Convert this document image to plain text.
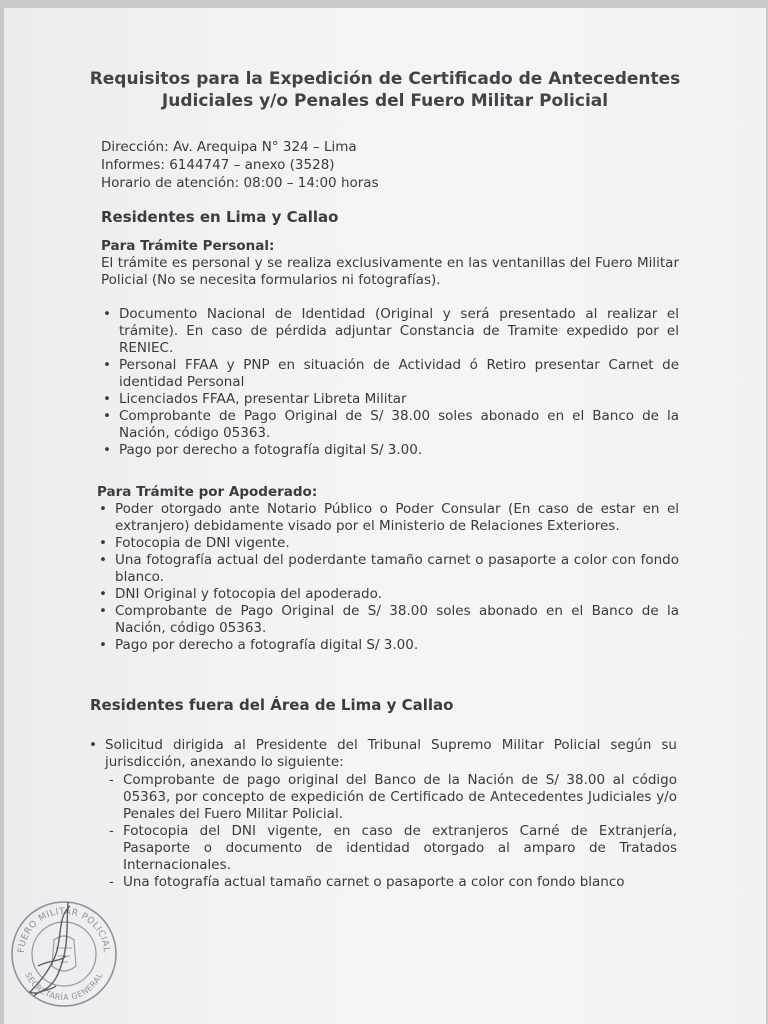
Requisitos para la Expedición de Certificado de Antecedentes
Judiciales y/o Penales del Fuero Militar Policial
Dirección: Av. Arequipa N° 324 – Lima
Informes: 6144747 – anexo (3528)
Horario de atención: 08:00 – 14:00 horas
Residentes en Lima y Callao
Para Trámite Personal:
El trámite es personal y se realiza exclusivamente en las ventanillas del Fuero Militar Policial (No se necesita formularios ni fotografías).
• Documento Nacional de Identidad (Original y será presentado al realizar el trámite). En caso de pérdida adjuntar Constancia de Tramite expedido por el RENIEC.
• Personal FFAA y PNP en situación de Actividad ó Retiro presentar Carnet de identidad Personal
• Licenciados FFAA, presentar Libreta Militar
• Comprobante de Pago Original de S/ 38.00 soles abonado en el Banco de la Nación, código 05363.
• Pago por derecho a fotografía digital S/ 3.00.
Para Trámite por Apoderado:
• Poder otorgado ante Notario Público o Poder Consular (En caso de estar en el extranjero) debidamente visado por el Ministerio de Relaciones Exteriores.
• Fotocopia de DNI vigente.
• Una fotografía actual del poderdante tamaño carnet o pasaporte a color con fondo blanco.
• DNI Original y fotocopia del apoderado.
• Comprobante de Pago Original de S/ 38.00 soles abonado en el Banco de la Nación, código 05363.
• Pago por derecho a fotografía digital S/ 3.00.
Residentes fuera del Área de Lima y Callao
• Solicitud dirigida al Presidente del Tribunal Supremo Militar Policial según su jurisdicción, anexando lo siguiente:
- Comprobante de pago original del Banco de la Nación de S/ 38.00 al código 05363, por concepto de expedición de Certificado de Antecedentes Judiciales y/o Penales del Fuero Militar Policial.
- Fotocopia del DNI vigente, en caso de extranjeros Carné de Extranjería, Pasaporte o documento de identidad otorgado al amparo de Tratados Internacionales.
- Una fotografía actual tamaño carnet o pasaporte a color con fondo blanco
FUERO MILITAR POLICIAL
SECRETARÍA GENERAL
